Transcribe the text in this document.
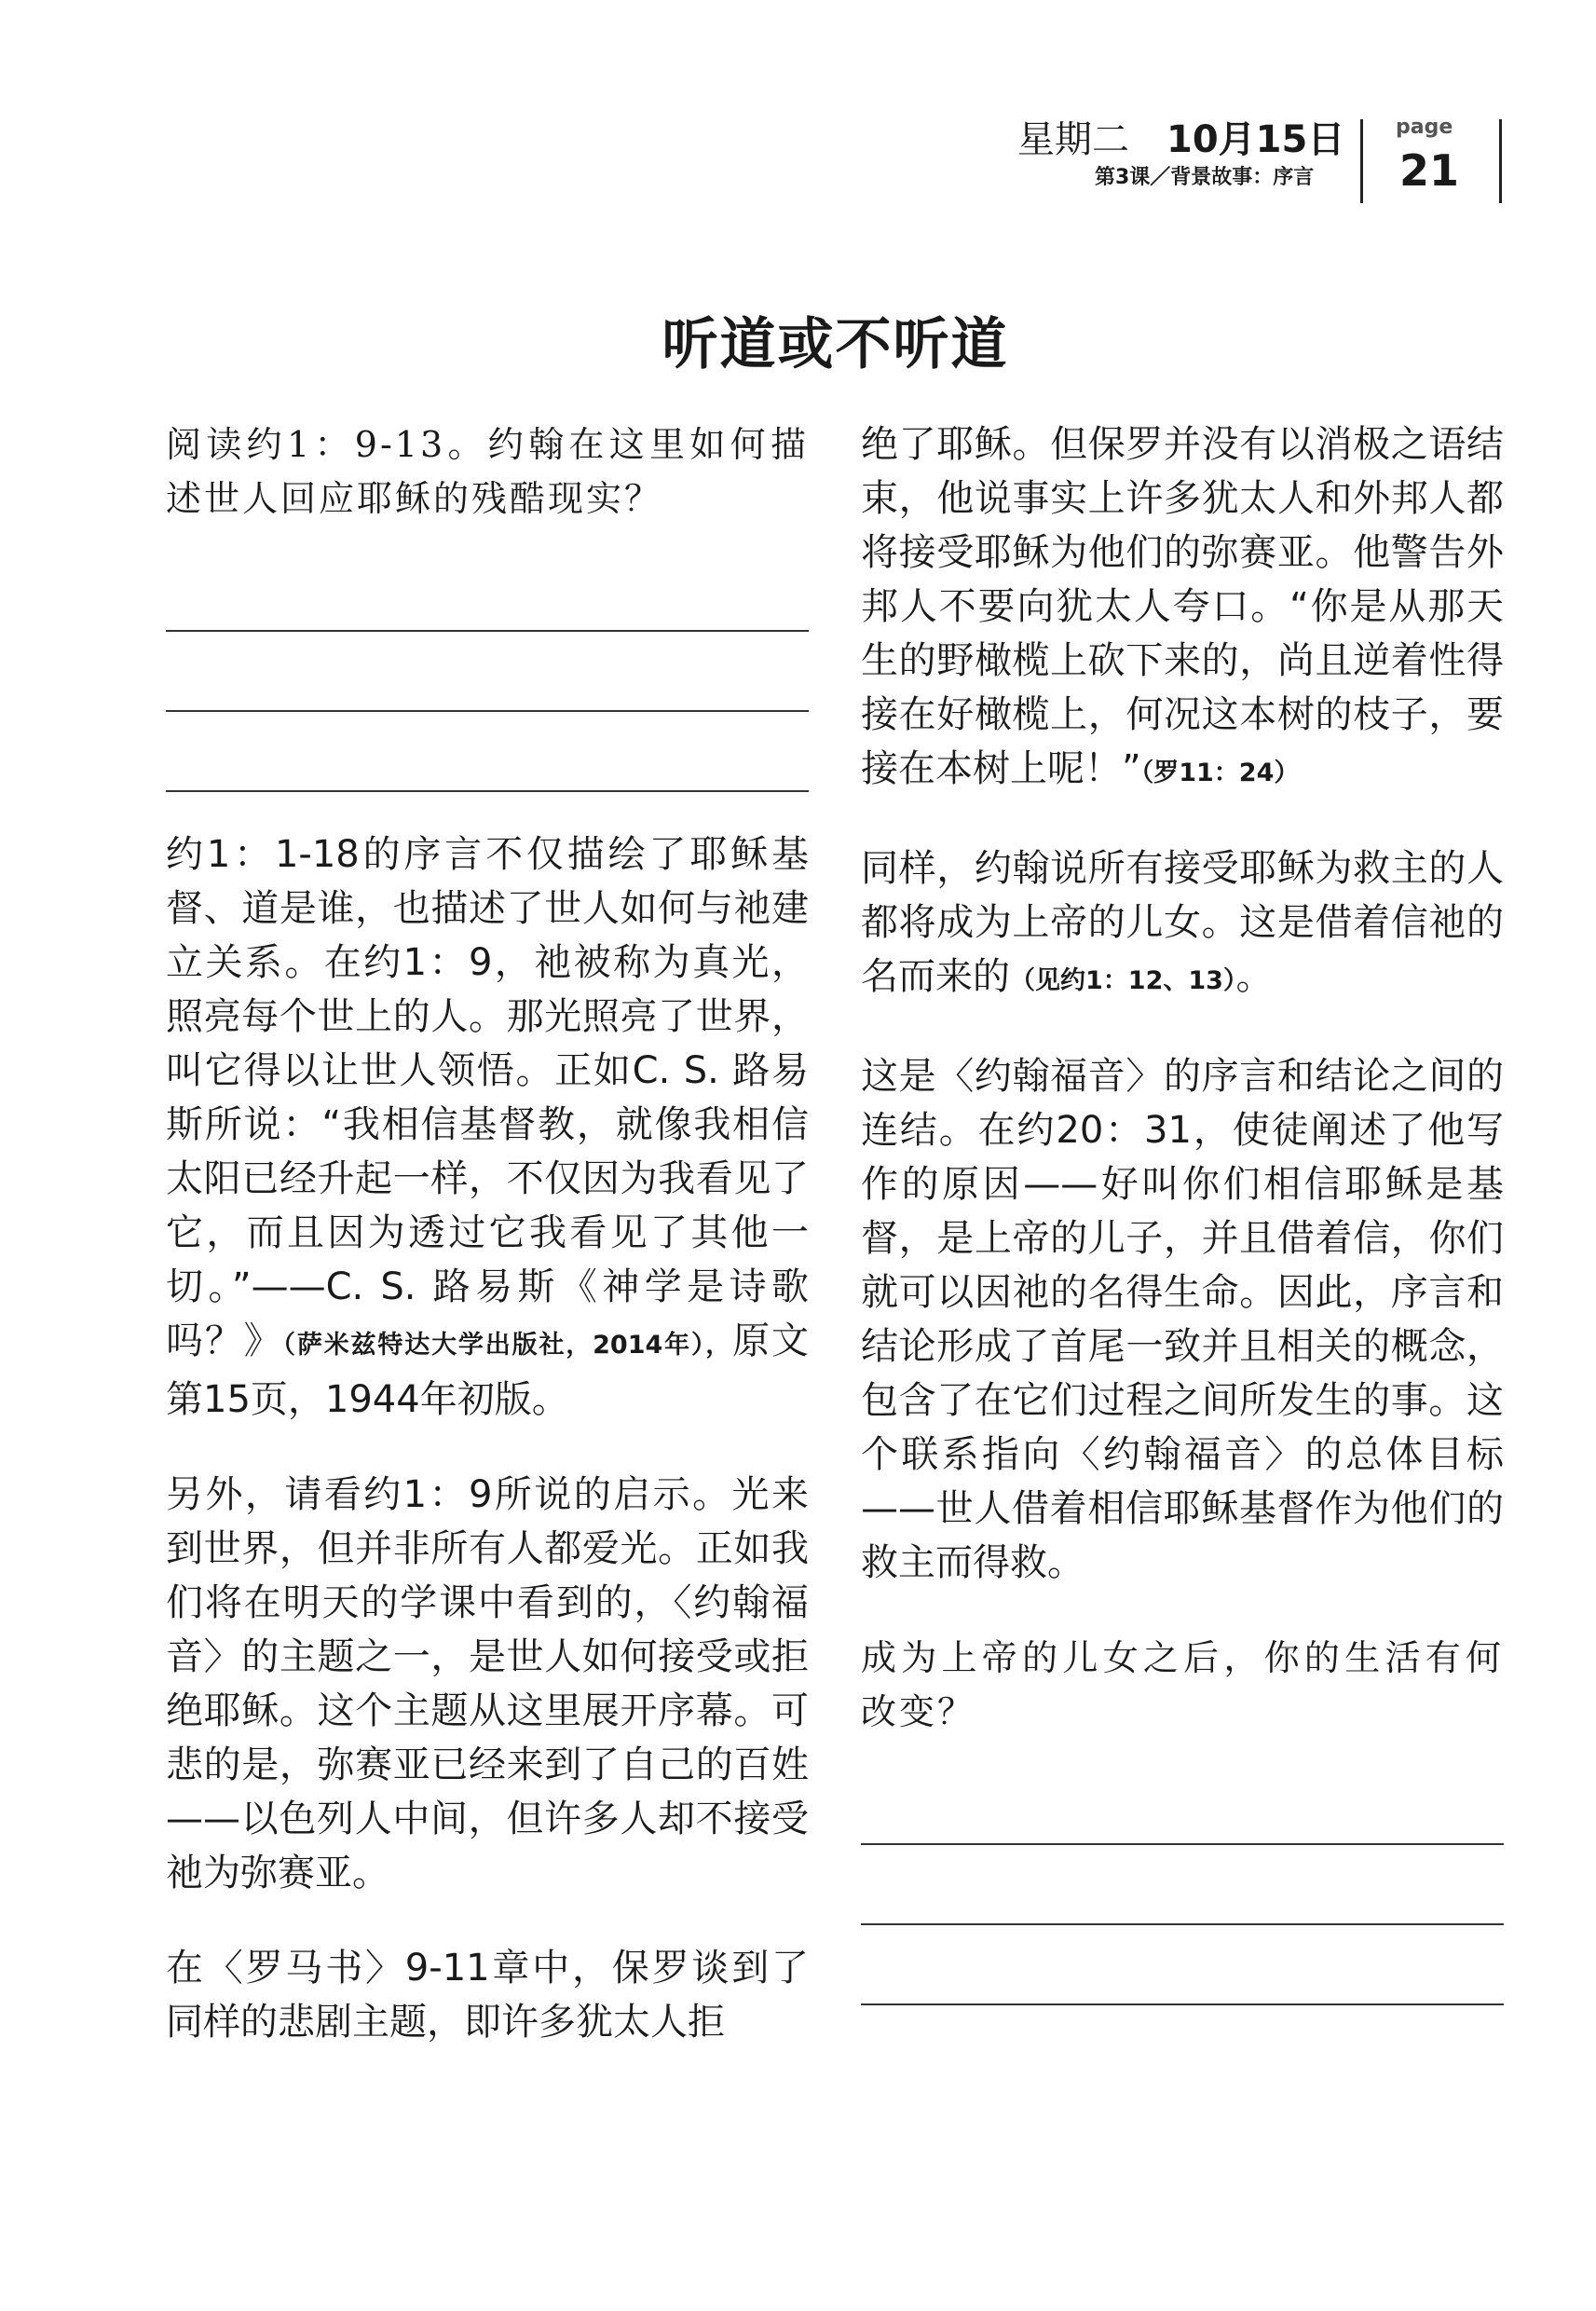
星期二 10月15日
第3课／背景故事：序言
page
21
听道或不听道

阅读约1：9-13。约翰在这里如何描述世人回应耶稣的残酷现实？

约1：1-18的序言不仅描绘了耶稣基督、道是谁，也描述了世人如何与祂建立关系。在约1：9，祂被称为真光，照亮每个世上的人。那光照亮了世界，叫它得以让世人领悟。正如C. S. 路易斯所说：“我相信基督教，就像我相信太阳已经升起一样，不仅因为我看见了它，而且因为透过它我看见了其他一切。”——C. S. 路易斯《神学是诗歌吗？》（萨米兹特达大学出版社，2014年），原文第15页，1944年初版。

另外，请看约1：9所说的启示。光来到世界，但并非所有人都爱光。正如我们将在明天的学课中看到的，〈约翰福音〉的主题之一，是世人如何接受或拒绝耶稣。这个主题从这里展开序幕。可悲的是，弥赛亚已经来到了自己的百姓——以色列人中间，但许多人却不接受祂为弥赛亚。

在〈罗马书〉9-11章中，保罗谈到了同样的悲剧主题，即许多犹太人拒

绝了耶稣。但保罗并没有以消极之语结束，他说事实上许多犹太人和外邦人都将接受耶稣为他们的弥赛亚。他警告外邦人不要向犹太人夸口。“你是从那天生的野橄榄上砍下来的，尚且逆着性得接在好橄榄上，何况这本树的枝子，要接在本树上呢！”（罗11：24）

同样，约翰说所有接受耶稣为救主的人都将成为上帝的儿女。这是借着信祂的名而来的（见约1：12、13）。

这是〈约翰福音〉的序言和结论之间的连结。在约20：31，使徒阐述了他写作的原因——好叫你们相信耶稣是基督，是上帝的儿子，并且借着信，你们就可以因祂的名得生命。因此，序言和结论形成了首尾一致并且相关的概念，包含了在它们过程之间所发生的事。这个联系指向〈约翰福音〉的总体目标——世人借着相信耶稣基督作为他们的救主而得救。

成为上帝的儿女之后，你的生活有何改变？
